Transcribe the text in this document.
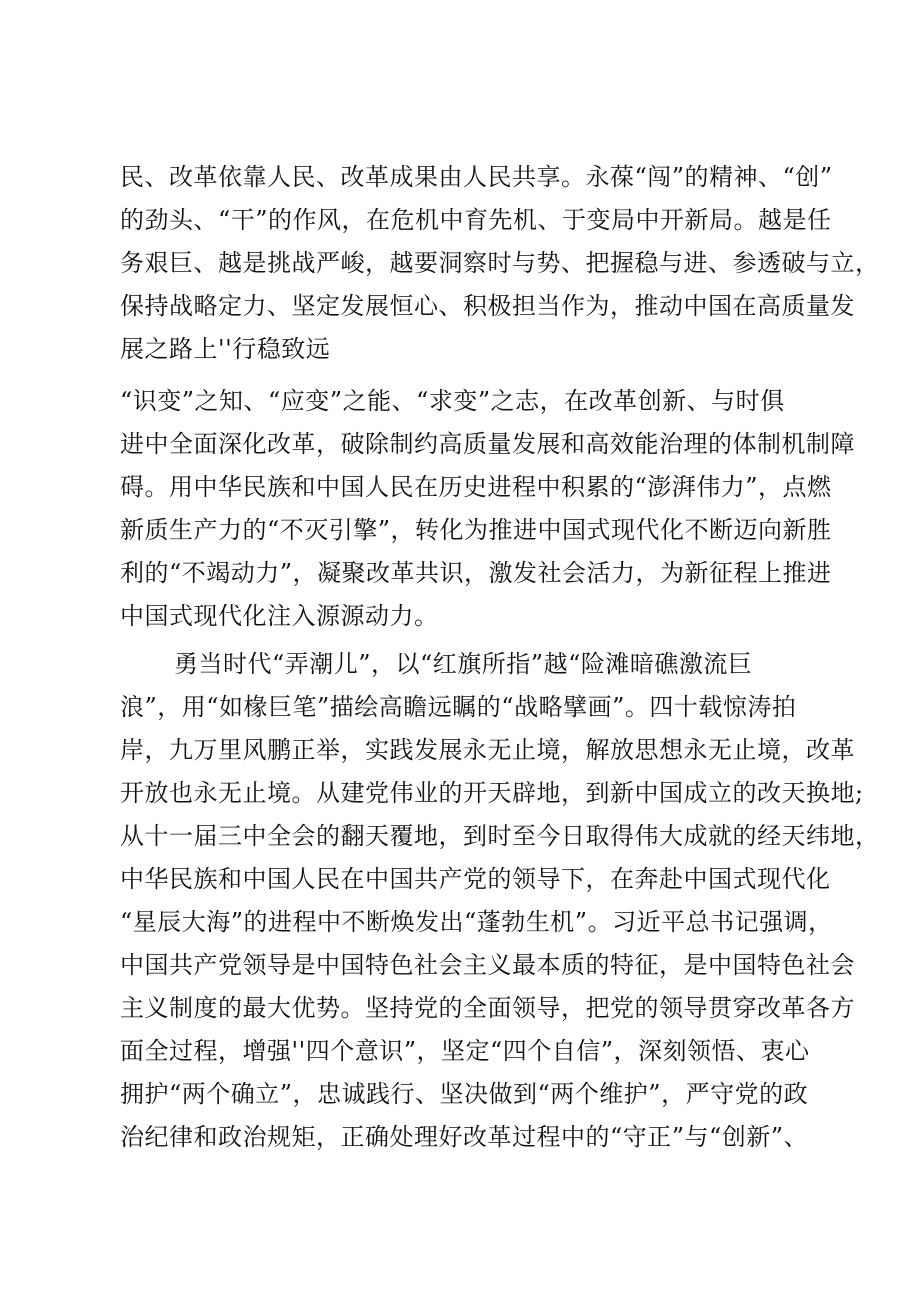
民、改革依靠人民、改革成果由人民共享。永葆“闯”的精神、“创”
的劲头、“干”的作风，在危机中育先机、于变局中开新局。越是任
务艰巨、越是挑战严峻，越要洞察时与势、把握稳与进、参透破与立，
保持战略定力、坚定发展恒心、积极担当作为，推动中国在高质量发
展之路上''行稳致远
“识变”之知、“应变”之能、“求变”之志，在改革创新、与时俱
进中全面深化改革，破除制约高质量发展和高效能治理的体制机制障
碍。用中华民族和中国人民在历史进程中积累的“澎湃伟力”，点燃
新质生产力的“不灭引擎”，转化为推进中国式现代化不断迈向新胜
利的“不竭动力”，凝聚改革共识，激发社会活力，为新征程上推进
中国式现代化注入源源动力。
勇当时代“弄潮儿”，以“红旗所指”越“险滩暗礁激流巨
浪”，用“如椽巨笔”描绘高瞻远瞩的“战略擘画”。四十载惊涛拍
岸，九万里风鹏正举，实践发展永无止境，解放思想永无止境，改革
开放也永无止境。从建党伟业的开天辟地，到新中国成立的改天换地;
从十一届三中全会的翻天覆地，到时至今日取得伟大成就的经天纬地，
中华民族和中国人民在中国共产党的领导下，在奔赴中国式现代化
“星辰大海”的进程中不断焕发出“蓬勃生机”。习近平总书记强调，
中国共产党领导是中国特色社会主义最本质的特征，是中国特色社会
主义制度的最大优势。坚持党的全面领导，把党的领导贯穿改革各方
面全过程，增强''四个意识”，坚定“四个自信”，深刻领悟、衷心
拥护“两个确立”，忠诚践行、坚决做到“两个维护”，严守党的政
治纪律和政治规矩，正确处理好改革过程中的“守正”与“创新”、
